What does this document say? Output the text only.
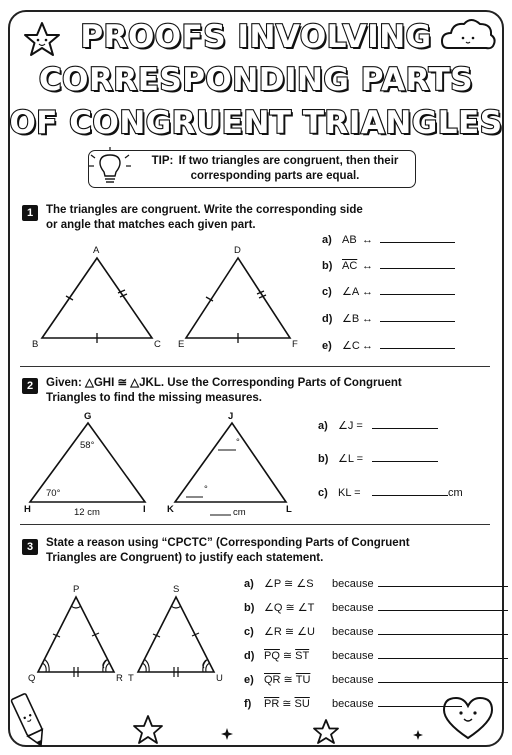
PROOFS INVOLVING
CORRESPONDING PARTS
OF CONGRUENT TRIANGLES
TIP: If two triangles are congruent, then their
corresponding parts are equal.
1	The triangles are congruent. Write the corresponding side
or angle that matches each given part.
A
B	C
D
E	F
a) AB ↔
b) $\overline{AC}$ ↔
c) ∠A ↔
d) ∠B ↔
e) ∠C ↔
2	Given: △GHI ≅ △JKL. Use the Corresponding Parts of Congruent
Triangles to find the missing measures.
G
H	I
58°
70°
12 cm
J
K	L
°
°
cm
a) ∠J =
b) ∠L =
c) KL =	cm
3	State a reason using “CPCTC” (Corresponding Parts of Congruent
Triangles are Congruent) to justify each statement.
P
Q	R
S
T	U
a) ∠P ≅ ∠S because
b) ∠Q ≅ ∠T because
c) ∠R ≅ ∠U because
d) $\overline{PQ}$ ≅ $\overline{ST}$ because
e) $\overline{QR}$ ≅ $\overline{TU}$ because
f) $\overline{PR}$ ≅ $\overline{SU}$ because
